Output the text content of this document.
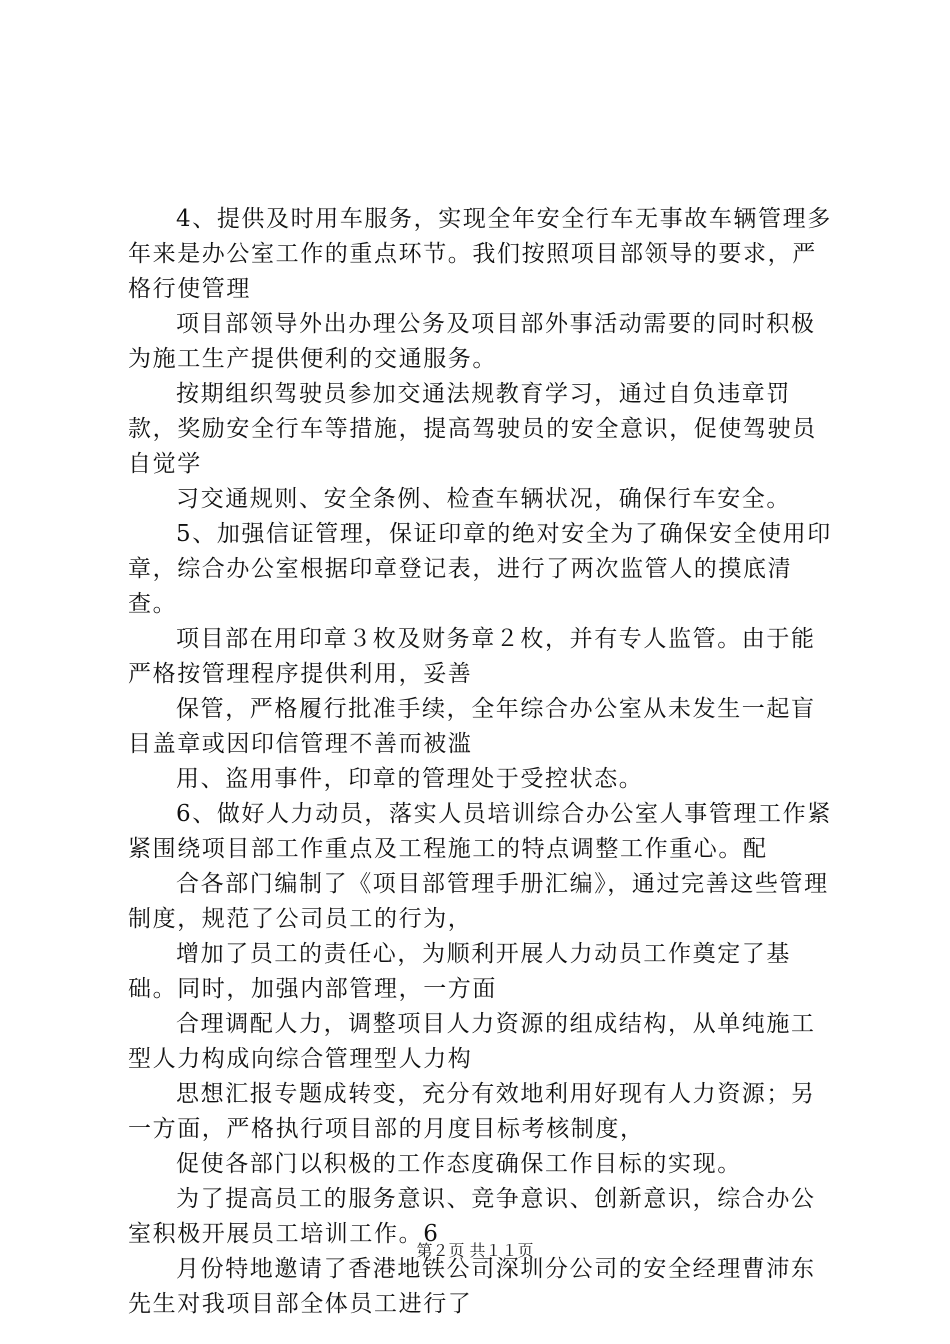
4、提供及时用车服务，实现全年安全行车无事故车辆管理多年来是办公室工作的重点环节。我们按照项目部领导的要求，严格行使管理

项目部领导外出办理公务及项目部外事活动需要的同时积极为施工生产提供便利的交通服务。

按期组织驾驶员参加交通法规教育学习，通过自负违章罚款，奖励安全行车等措施，提高驾驶员的安全意识，促使驾驶员自觉学

习交通规则、安全条例、检查车辆状况，确保行车安全。

5、加强信证管理，保证印章的绝对安全为了确保安全使用印章，综合办公室根据印章登记表，进行了两次监管人的摸底清查。

项目部在用印章３枚及财务章２枚，并有专人监管。由于能严格按管理程序提供利用，妥善

保管，严格履行批准手续，全年综合办公室从未发生一起盲目盖章或因印信管理不善而被滥

用、盗用事件，印章的管理处于受控状态。

6、做好人力动员，落实人员培训综合办公室人事管理工作紧紧围绕项目部工作重点及工程施工的特点调整工作重心。配

合各部门编制了《项目部管理手册汇编》，通过完善这些管理制度，规范了公司员工的行为，

增加了员工的责任心，为顺利开展人力动员工作奠定了基础。同时，加强内部管理，一方面

合理调配人力，调整项目人力资源的组成结构，从单纯施工型人力构成向综合管理型人力构

思想汇报专题成转变，充分有效地利用好现有人力资源；另一方面，严格执行项目部的月度目标考核制度，

促使各部门以积极的工作态度确保工作目标的实现。

为了提高员工的服务意识、竞争意识、创新意识，综合办公室积极开展员工培训工作。6

月份特地邀请了香港地铁公司深圳分公司的安全经理曹沛东先生对我项目部全体员工进行了

第２页 共１１页
